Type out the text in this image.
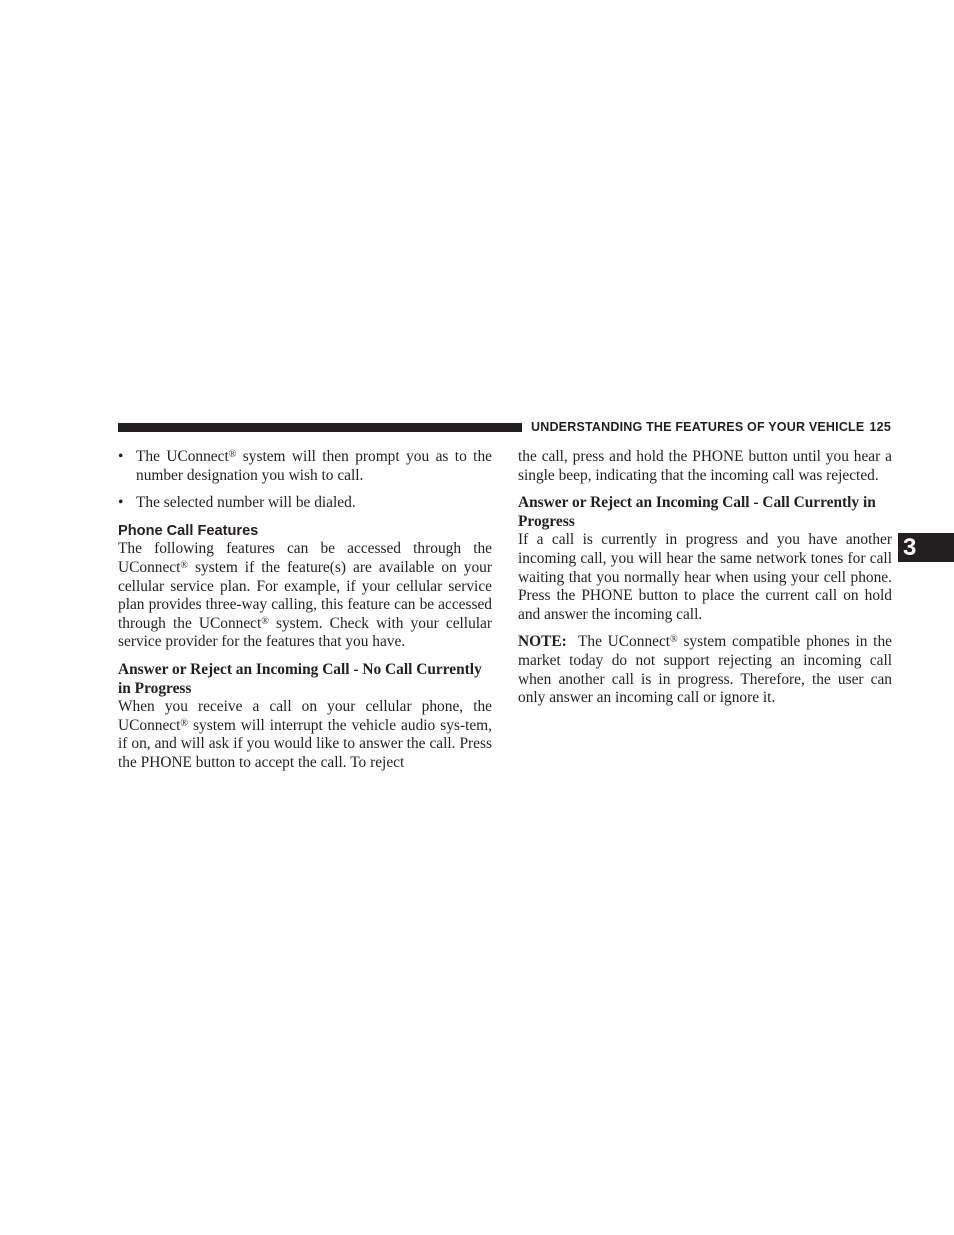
UNDERSTANDING THE FEATURES OF YOUR VEHICLE 125
3

• The UConnect® system will then prompt you as to the number designation you wish to call.

• The selected number will be dialed.

Phone Call Features

The following features can be accessed through the UConnect® system if the feature(s) are available on your cellular service plan. For example, if your cellular service plan provides three-way calling, this feature can be accessed through the UConnect® system. Check with your cellular service provider for the features that you have.

Answer or Reject an Incoming Call - No Call Currently in Progress

When you receive a call on your cellular phone, the UConnect® system will interrupt the vehicle audio sys-tem, if on, and will ask if you would like to answer the call. Press the PHONE button to accept the call. To reject

the call, press and hold the PHONE button until you hear a single beep, indicating that the incoming call was rejected.

Answer or Reject an Incoming Call - Call Currently in Progress

If a call is currently in progress and you have another incoming call, you will hear the same network tones for call waiting that you normally hear when using your cell phone. Press the PHONE button to place the current call on hold and answer the incoming call.

NOTE:  The UConnect® system compatible phones in the market today do not support rejecting an incoming call when another call is in progress. Therefore, the user can only answer an incoming call or ignore it.
